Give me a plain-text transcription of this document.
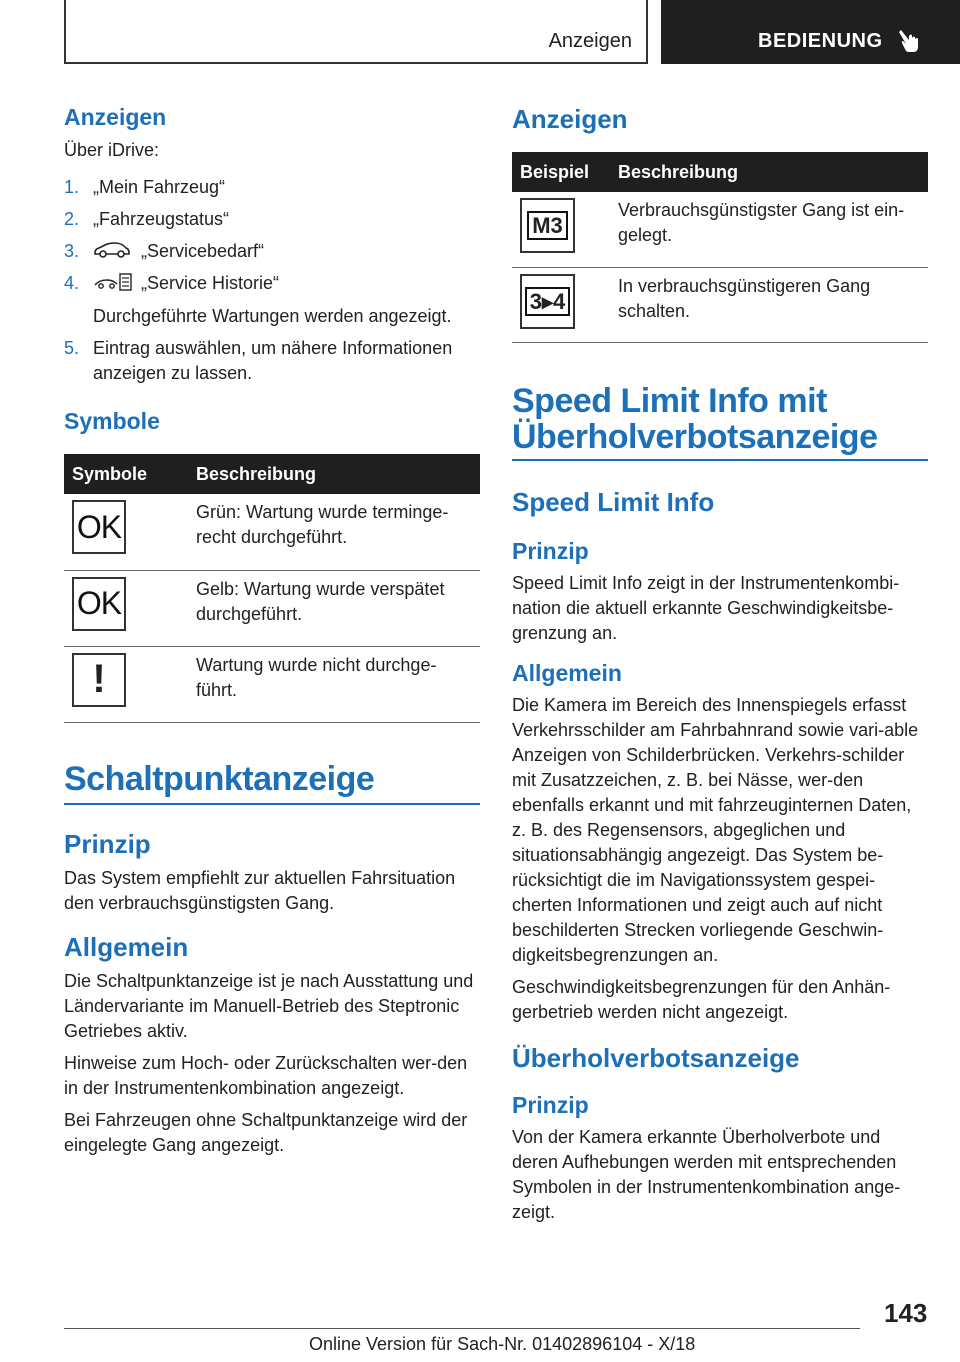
Anzeigen	BEDIENUNG
Anzeigen
Über iDrive:
1. „Mein Fahrzeug“
2. „Fahrzeugstatus“
3.	„Servicebedarf“
4.	„Service Historie“
Durchgeführte Wartungen werden angezeigt.
5. Eintrag auswählen, um nähere Informationen anzeigen zu lassen.
Symbole
Symbole	Beschreibung

OK	Grün: Wartung wurde terminge-recht durchgeführt.

OK	Gelb: Wartung wurde verspätet durchgeführt.

!	Wartung wurde nicht durchge-führt.
Schaltpunktanzeige
Prinzip
Das System empfiehlt zur aktuellen Fahrsituation den verbrauchsgünstigsten Gang.
Allgemein
Die Schaltpunktanzeige ist je nach Ausstattung und Ländervariante im Manuell-Betrieb des Steptronic Getriebes aktiv.
Hinweise zum Hoch- oder Zurückschalten wer-den in der Instrumentenkombination angezeigt.
Bei Fahrzeugen ohne Schaltpunktanzeige wird der eingelegte Gang angezeigt.
Anzeigen
Beispiel	Beschreibung

M3	Verbrauchsgünstigster Gang ist ein-gelegt.

3▸4	In verbrauchsgünstigeren Gang schalten.
Speed Limit Info mit Überholverbotsanzeige
Speed Limit Info
Prinzip
Speed Limit Info zeigt in der Instrumentenkombi-nation die aktuell erkannte Geschwindigkeitsbe-grenzung an.
Allgemein
Die Kamera im Bereich des Innenspiegels erfasst Verkehrsschilder am Fahrbahnrand sowie vari-able Anzeigen von Schilderbrücken. Verkehrs-schilder mit Zusatzzeichen, z. B. bei Nässe, wer-den ebenfalls erkannt und mit fahrzeuginternen Daten, z. B. des Regensensors, abgeglichen und situationsabhängig angezeigt. Das System be-rücksichtigt die im Navigationssystem gespei-cherten Informationen und zeigt auch auf nicht beschilderten Strecken vorliegende Geschwin-digkeitsbegrenzungen an.
Geschwindigkeitsbegrenzungen für den Anhän-gerbetrieb werden nicht angezeigt.
Überholverbotsanzeige
Prinzip
Von der Kamera erkannte Überholverbote und deren Aufhebungen werden mit entsprechenden Symbolen in der Instrumentenkombination ange-zeigt.
143
Online Version für Sach-Nr. 01402896104 - X/18
